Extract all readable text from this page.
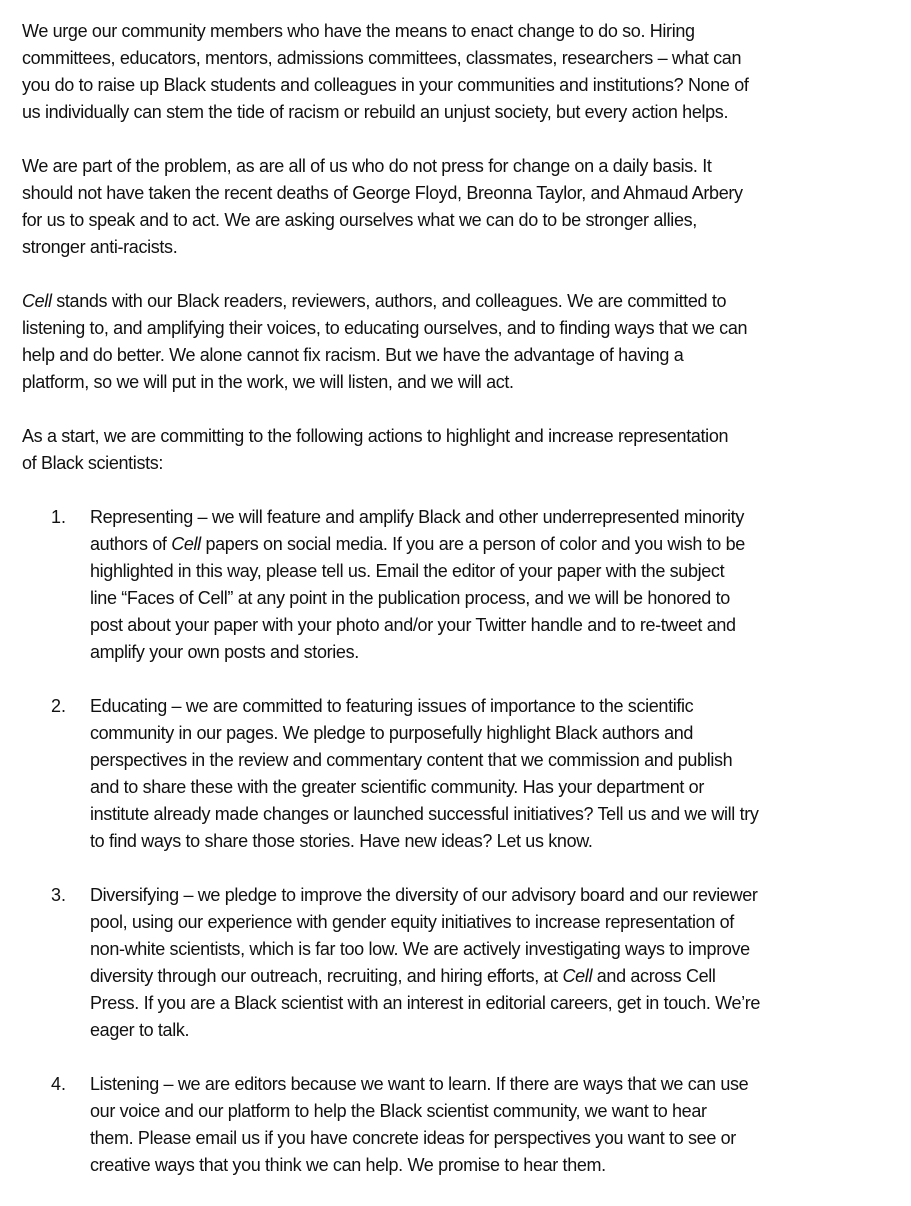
We urge our community members who have the means to enact change to do so. Hiring
committees, educators, mentors, admissions committees, classmates, researchers – what can
you do to raise up Black students and colleagues in your communities and institutions? None of
us individually can stem the tide of racism or rebuild an unjust society, but every action helps.
We are part of the problem, as are all of us who do not press for change on a daily basis. It
should not have taken the recent deaths of George Floyd, Breonna Taylor, and Ahmaud Arbery
for us to speak and to act. We are asking ourselves what we can do to be stronger allies,
stronger anti-racists.
Cell stands with our Black readers, reviewers, authors, and colleagues. We are committed to
listening to, and amplifying their voices, to educating ourselves, and to finding ways that we can
help and do better. We alone cannot fix racism. But we have the advantage of having a
platform, so we will put in the work, we will listen, and we will act.
As a start, we are committing to the following actions to highlight and increase representation
of Black scientists:
1. Representing – we will feature and amplify Black and other underrepresented minority
authors of Cell papers on social media. If you are a person of color and you wish to be
highlighted in this way, please tell us. Email the editor of your paper with the subject
line “Faces of Cell” at any point in the publication process, and we will be honored to
post about your paper with your photo and/or your Twitter handle and to re-tweet and
amplify your own posts and stories.
2. Educating – we are committed to featuring issues of importance to the scientific
community in our pages. We pledge to purposefully highlight Black authors and
perspectives in the review and commentary content that we commission and publish
and to share these with the greater scientific community. Has your department or
institute already made changes or launched successful initiatives? Tell us and we will try
to find ways to share those stories. Have new ideas? Let us know.
3. Diversifying – we pledge to improve the diversity of our advisory board and our reviewer
pool, using our experience with gender equity initiatives to increase representation of
non-white scientists, which is far too low. We are actively investigating ways to improve
diversity through our outreach, recruiting, and hiring efforts, at Cell and across Cell
Press. If you are a Black scientist with an interest in editorial careers, get in touch. We’re
eager to talk.
4. Listening – we are editors because we want to learn. If there are ways that we can use
our voice and our platform to help the Black scientist community, we want to hear
them. Please email us if you have concrete ideas for perspectives you want to see or
creative ways that you think we can help. We promise to hear them.
